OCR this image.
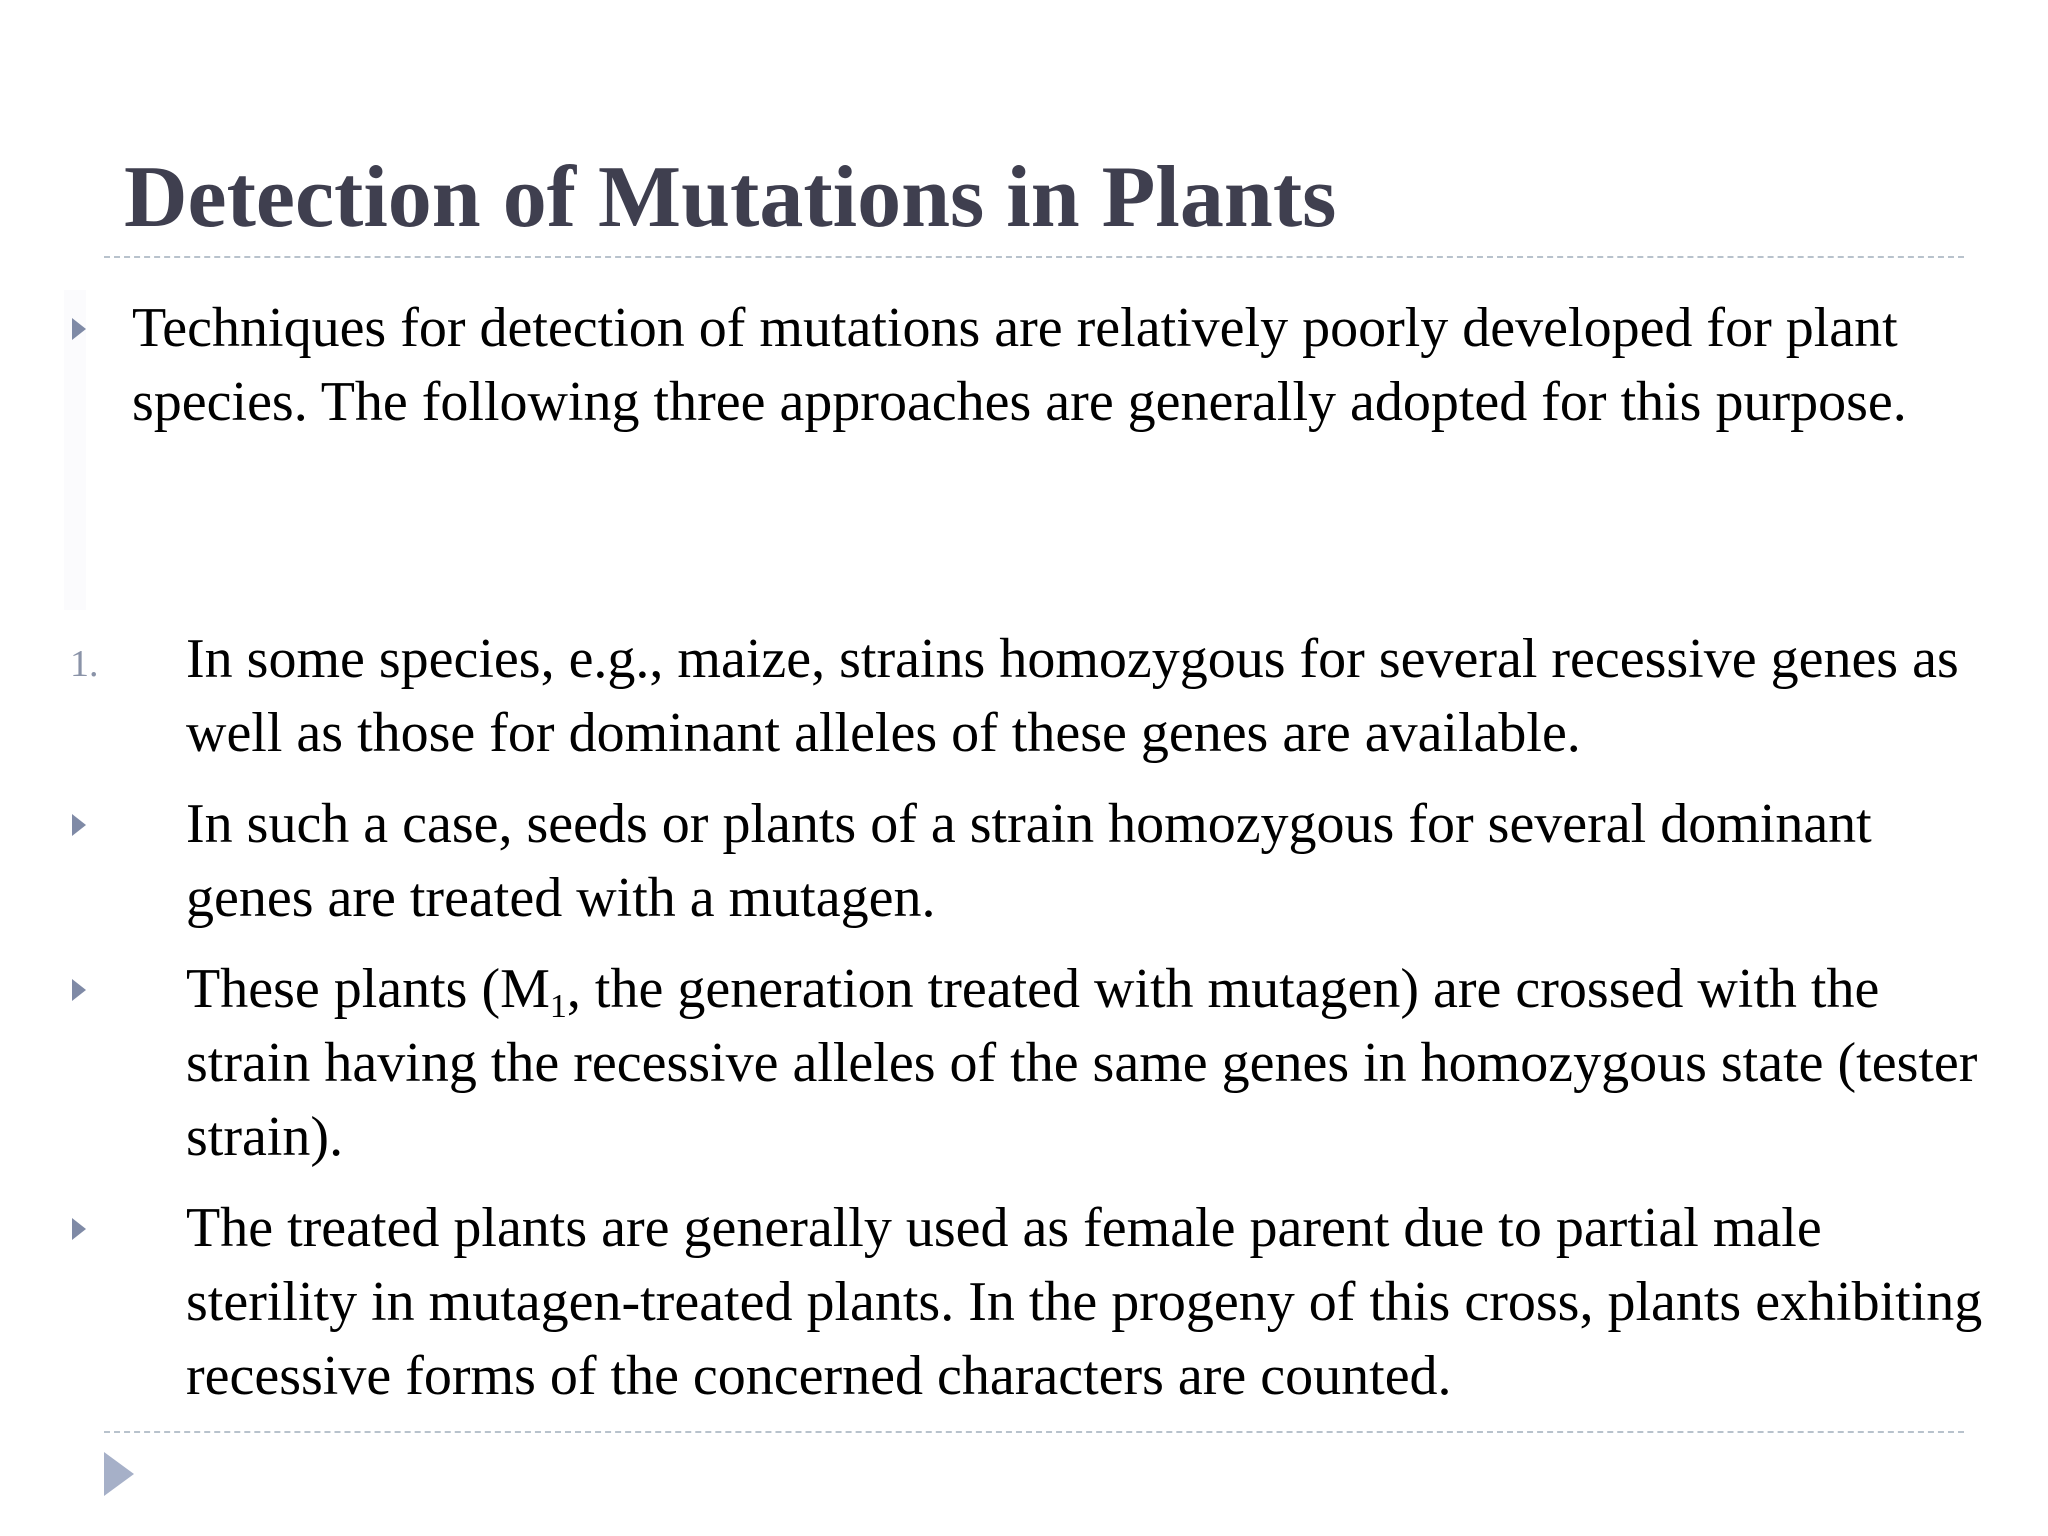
Detection of Mutations in Plants
Techniques for detection of mutations are relatively poorly developed for plant species. The following three approaches are generally adopted for this purpose.
1. In some species, e.g., maize, strains homozygous for several recessive genes as well as those for dominant alleles of these genes are available.
In such a case, seeds or plants of a strain homozygous for several dominant genes are treated with a mutagen.
These plants ($M_1$, the generation treated with mutagen) are crossed with the strain having the recessive alleles of the same genes in homozygous state (tester strain).
The treated plants are generally used as female parent due to partial male sterility in mutagen-treated plants. In the progeny of this cross, plants exhibiting recessive forms of the concerned characters are counted.
